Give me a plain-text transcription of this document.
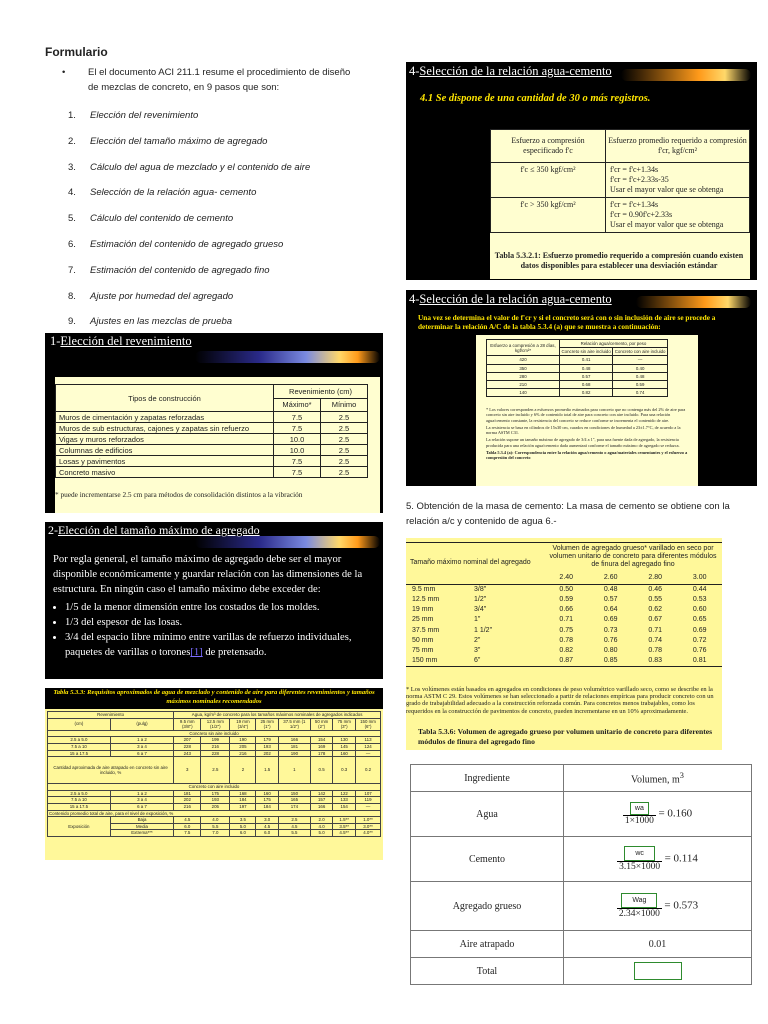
Formulario
• El el documento ACI 211.1 resume el procedimiento de diseño de mezclas de concreto, en 9 pasos que son:
1. Elección del revenimiento
2. Elección del tamaño máximo de agregado
3. Cálculo del agua de mezclado y el contenido de aire
4. Selección de la relación agua- cemento
5. Cálculo del contenido de cemento
6. Estimación del contenido de agregado grueso
7. Estimación del contenido de agregado fino
8. Ajuste por humedad del agregado
9. Ajustes en las mezclas de prueba
1-Elección del revenimiento
Tipos de construcción	Revenimiento (cm)	
	Máximo*	Mínimo
Muros de cimentación y zapatas reforzadas	7.5	2.5
Muros de sub estructuras, cajones y zapatas sin refuerzo	7.5	2.5
Vigas y muros reforzados	10.0	2.5
Columnas de edificios	10.0	2.5
Losas y pavimentos	7.5	2.5
Concreto masivo	7.5	2.5
* puede incrementarse 2.5 cm para métodos de consolidación distintos a la vibración
2-Elección del tamaño máximo de agregado
Por regla general, el tamaño máximo de agregado debe ser el mayor disponible económicamente y guardar relación con las dimensiones de la estructura. En ningún caso el tamaño máximo debe exceder de:
• 1/5 de la menor dimensión entre los costados de los moldes.
• 1/3 del espesor de las losas.
• 3/4 del espacio libre mínimo entre varillas de refuerzo individuales, paquetes de varillas o torones[1] de pretensado.
Tabla 5.3.3: Requisitos aproximados de agua de mezclado y contenido de aire para diferentes revenimientos y tamaños máximos nominales recomendados
Revenimiento		Agua, kg/m³ de concreto para los tamaños máximos nominales de agregados indicados							
(cm)	(pulg)	9.5 mm (3/8")	12.5 mm (1/2")	19 mm (3/4")	25 mm (1")	37.5 mm (1 1/2")	50 mm (2")	75 mm (3")	150 mm (6")
Concreto sin aire incluido									
2.5 a 5.0	1 a 2	207	199	190	179	166	154	130	113
7.5 a 10	3 a 4	228	216	205	193	181	169	145	124
15 a 17.5	6 a 7	243	228	216	202	190	178	160	—
Cantidad aproximada de aire atrapado en concreto sin aire incluido, %		3	2.5	2	1.5	1	0.5	0.3	0.2
Concreto con aire incluido									
2.5 a 5.0	1 a 2	181	175	168	160	150	142	122	107
7.5 a 10	3 a 4	202	193	184	175	165	157	133	119
15 a 17.5	6 a 7	216	205	197	184	174	166	154	—
Contenido promedio total de aire, para el nivel de exposición, %									
Exposición	Baja	4.5	4.0	3.5	3.0	2.5	2.0	1.5**	1.0**
	Media	6.0	5.5	5.0	4.5	4.5	4.0	3.5**	3.0**
	Extrema***	7.5	7.0	6.0	6.0	5.5	5.0	4.5**	4.0**
4-Selección de la relación agua-cemento
4.1 Se dispone de una cantidad de 30 o más registros.
Esfuerzo a compresión especificado f'c	Esfuerzo promedio requerido a compresión f'cr, kgf/cm²
f'c ≤ 350 kgf/cm²	f'cr = f'c+1.34s
f'cr = f'c+2.33s-35
Usar el mayor valor que se obtenga

f'c > 350 kgf/cm²	f'cr = f'c+1.34s
f'cr = 0.90f'c+2.33s
Usar el mayor valor que se obtenga
Tabla 5.3.2.1: Esfuerzo promedio requerido a compresión cuando existen datos disponibles para establecer una desviación estándar
4-Selección de la relación agua-cemento
Una vez se determina el valor de f'cr y si el concreto será con o sin inclusión de aire se procede a determinar la relación A/C de la tabla 5.3.4 (a) que se muestra a continuación:
Esfuerzo a compresión a 28 días, kgf/cm²*	Relación agua/cemento, por peso	
	Concreto sin aire incluido	Concreto con aire incluido
420	0.41	—
350	0.48	0.40
280	0.57	0.48
210	0.68	0.59
140	0.82	0.74
* Los valores corresponden a esfuerzos promedio estimados para concreto que no contenga más del 2% de aire para concreto sin aire incluido y 6% de contenido total de aire para concreto con aire incluido. Para una relación agua/cemento constante, la resistencia del concreto se reduce conforme se incrementa el contenido de aire.
La resistencia se basa en cilindros de 15x30 cm, curados en condiciones de humedad a 23±1.7°C, de acuerdo a la norma ASTM C31.
La relación supone un tamaño máximo de agregado de 3/4 a 1", para una fuente dada de agregado, la resistencia producida para una relación agua/cemento dada aumentará conforme el tamaño máximo de agregado se reduzca.
Tabla 5.3.4 (a): Correspondencia entre la relación agua/cemento o agua/materiales cementantes y el esfuerzo a compresión del concreto
5. Obtención de la masa de cemento: La masa de cemento se obtiene con la relación a/c y contenido de agua 6.-
Tamaño máximo nominal del agregado	Volumen de agregado grueso* varillado en seco por volumen unitario de concreto para diferentes módulos de finura del agregado fino			
	2.40	2.60	2.80	3.00
9.5 mm 3/8"	0.50	0.48	0.46	0.44
12.5 mm 1/2"	0.59	0.57	0.55	0.53
19 mm 3/4"	0.66	0.64	0.62	0.60
25 mm 1"	0.71	0.69	0.67	0.65
37.5 mm 1 1/2"	0.75	0.73	0.71	0.69
50 mm 2"	0.78	0.76	0.74	0.72
75 mm 3"	0.82	0.80	0.78	0.76
150 mm 6"	0.87	0.85	0.83	0.81
* Los volúmenes están basados en agregados en condiciones de peso volumétrico varillado seco, como se describe en la norma ASTM C 29. Estos volúmenes se han seleccionado a partir de relaciones empíricas para producir concreto con un grado de trabajabilidad adecuado a la construcción reforzada común. Para concretos menos trabajables, como los requeridos en la construcción de pavimentos de concreto, pueden incrementarse en un 10% aproximadamente.
Tabla 5.3.6: Volumen de agregado grueso por volumen unitario de concreto para diferentes módulos de finura del agregado fino
Ingrediente	Volumen, $m^3$
Agua	$\frac{wa}{1\times 1000} = 0.160$
Cemento	$\frac{wc}{3.15\times 1000} = 0.114$
Agregado grueso	$\frac{\text{Wag}}{2.34\times 1000} = 0.573$
Aire atrapado	0.01
Total	
